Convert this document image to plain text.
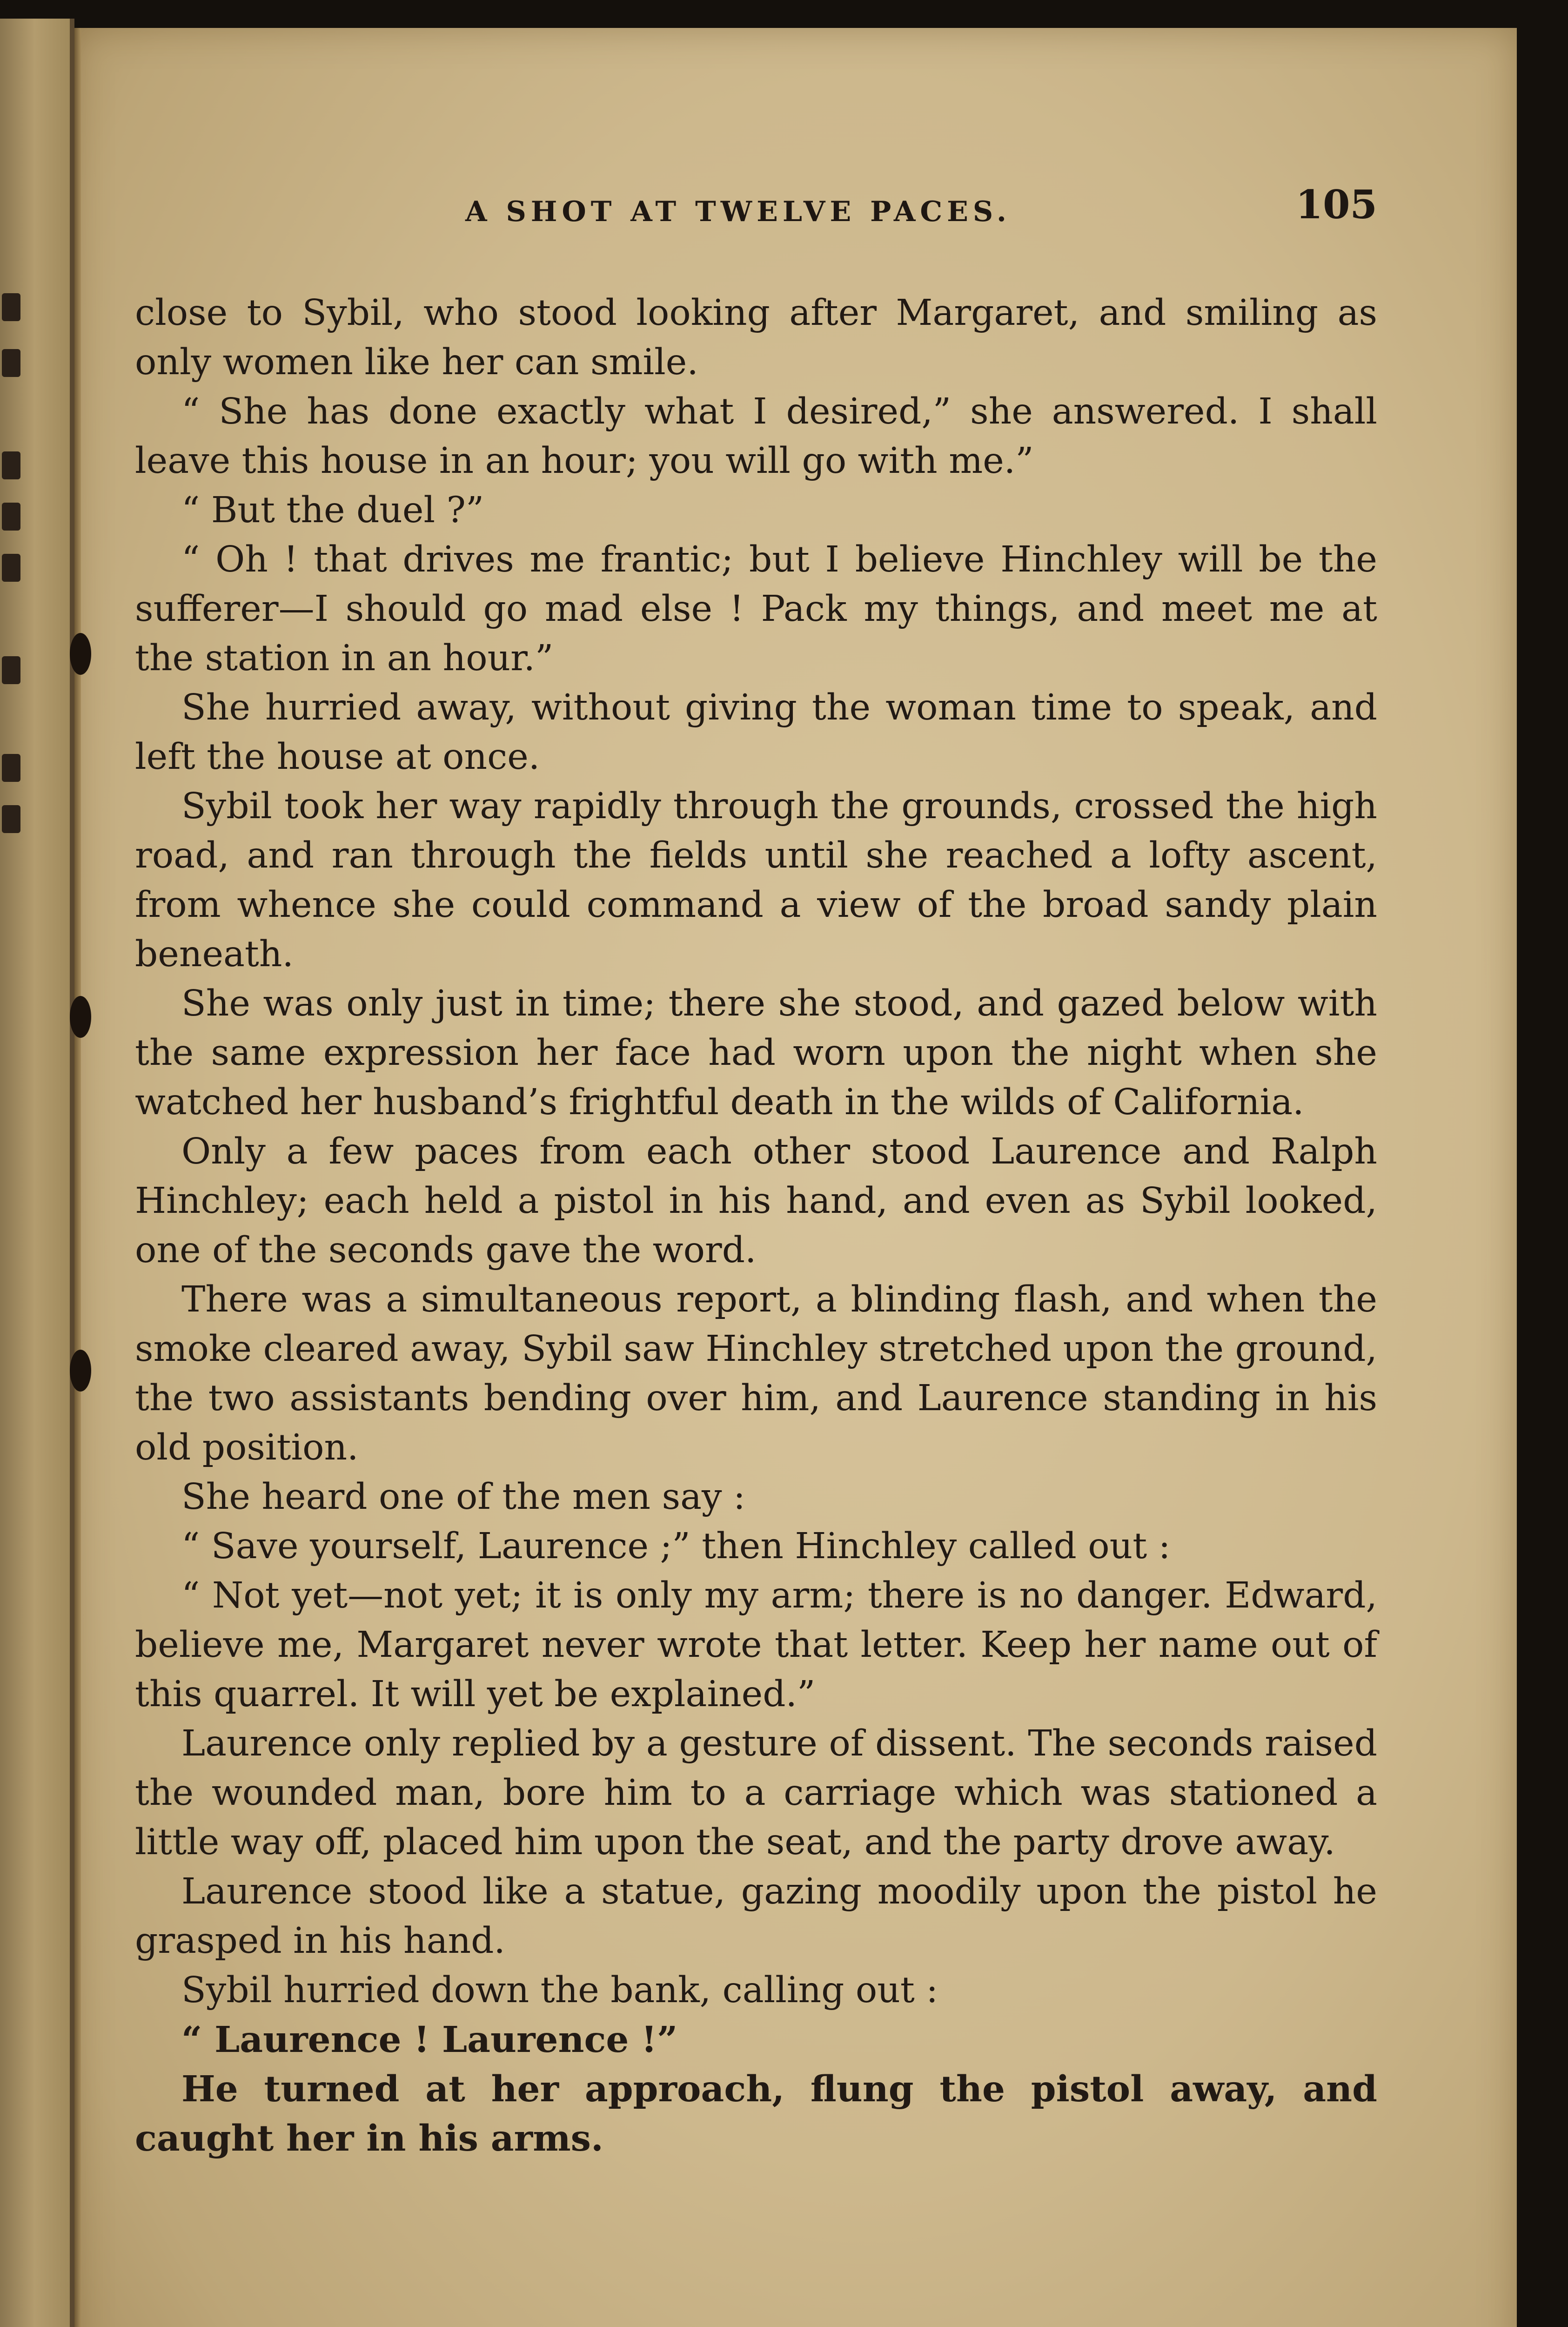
A SHOT AT TWELVE PACES.	105

close to Sybil, who stood looking after Margaret, and smiling as only women like her can smile.

“ She has done exactly what I desired,” she answered. I shall leave this house in an hour; you will go with me.”

“ But the duel ?”

“ Oh ! that drives me frantic; but I believe Hinchley will be the sufferer—I should go mad else ! Pack my things, and meet me at the station in an hour.”

She hurried away, without giving the woman time to speak, and left the house at once.

Sybil took her way rapidly through the grounds, crossed the high road, and ran through the fields until she reached a lofty ascent, from whence she could command a view of the broad sandy plain beneath.

She was only just in time; there she stood, and gazed below with the same expression her face had worn upon the night when she watched her husband’s frightful death in the wilds of California.

Only a few paces from each other stood Laurence and Ralph Hinchley; each held a pistol in his hand, and even as Sybil looked, one of the seconds gave the word.

There was a simultaneous report, a blinding flash, and when the smoke cleared away, Sybil saw Hinchley stretched upon the ground, the two assistants bending over him, and Laurence standing in his old position.

She heard one of the men say :

“ Save yourself, Laurence ;” then Hinchley called out :

“ Not yet—not yet; it is only my arm; there is no danger. Edward, believe me, Margaret never wrote that letter. Keep her name out of this quarrel. It will yet be explained.”

Laurence only replied by a gesture of dissent. The seconds raised the wounded man, bore him to a carriage which was stationed a little way off, placed him upon the seat, and the party drove away.

Laurence stood like a statue, gazing moodily upon the pistol he grasped in his hand.

Sybil hurried down the bank, calling out :

“ Laurence ! Laurence !”

He turned at her approach, flung the pistol away, and caught her in his arms.
